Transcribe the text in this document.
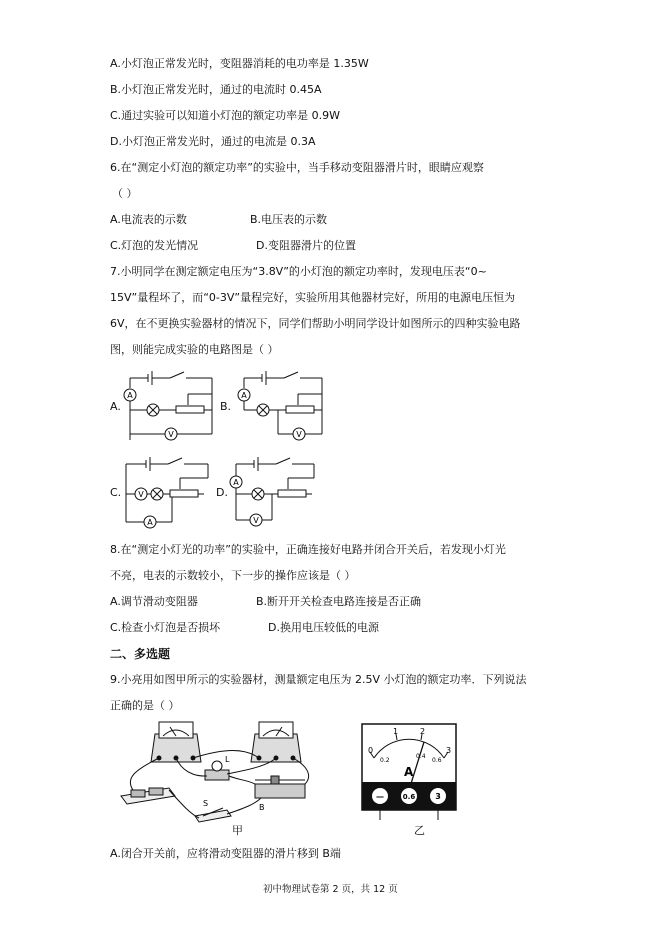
A.小灯泡正常发光时，变阻器消耗的电功率是 1.35W
B.小灯泡正常发光时，通过的电流时 0.45A
C.通过实验可以知道小灯泡的额定功率是 0.9W
D.小灯泡正常发光时，通过的电流是 0.3A
6.在“测定小灯泡的额定功率”的实验中，当手移动变阻器滑片时，眼睛应观察
（ ）
A.电流表的示数	B.电压表的示数
C.灯泡的发光情况	D.变阻器滑片的位置
7.小明同学在测定额定电压为“3.8V”的小灯泡的额定功率时，发现电压表“0~
15V”量程坏了，而“0-3V”量程完好，实验所用其他器材完好，所用的电源电压恒为
6V，在不更换实验器材的情况下，同学们帮助小明同学设计如图所示的四种实验电路
图，则能完成实验的电路图是（ ）
A
V
A.
A
V
B.
V
A
C.
A
V
D.
8.在“测定小灯光的功率”的实验中，正确连接好电路并闭合开关后，若发现小灯光
不亮，电表的示数较小，下一步的操作应该是（ ）
A.调节滑动变阻器	B.断开开关检查电路连接是否正确
C.检查小灯泡是否损坏	D.换用电压较低的电源
二、多选题
9.小亮用如图甲所示的实验器材，测量额定电压为 2.5V 小灯泡的额定功率．下列说法
正确的是（ ）
L
S	B
甲
0
1	2
3
0.2
0.4
0.6
A
—	0.6	3
乙
A.闭合开关前，应将滑动变阻器的滑片移到 B端
初中物理试卷第 2 页，共 12 页
